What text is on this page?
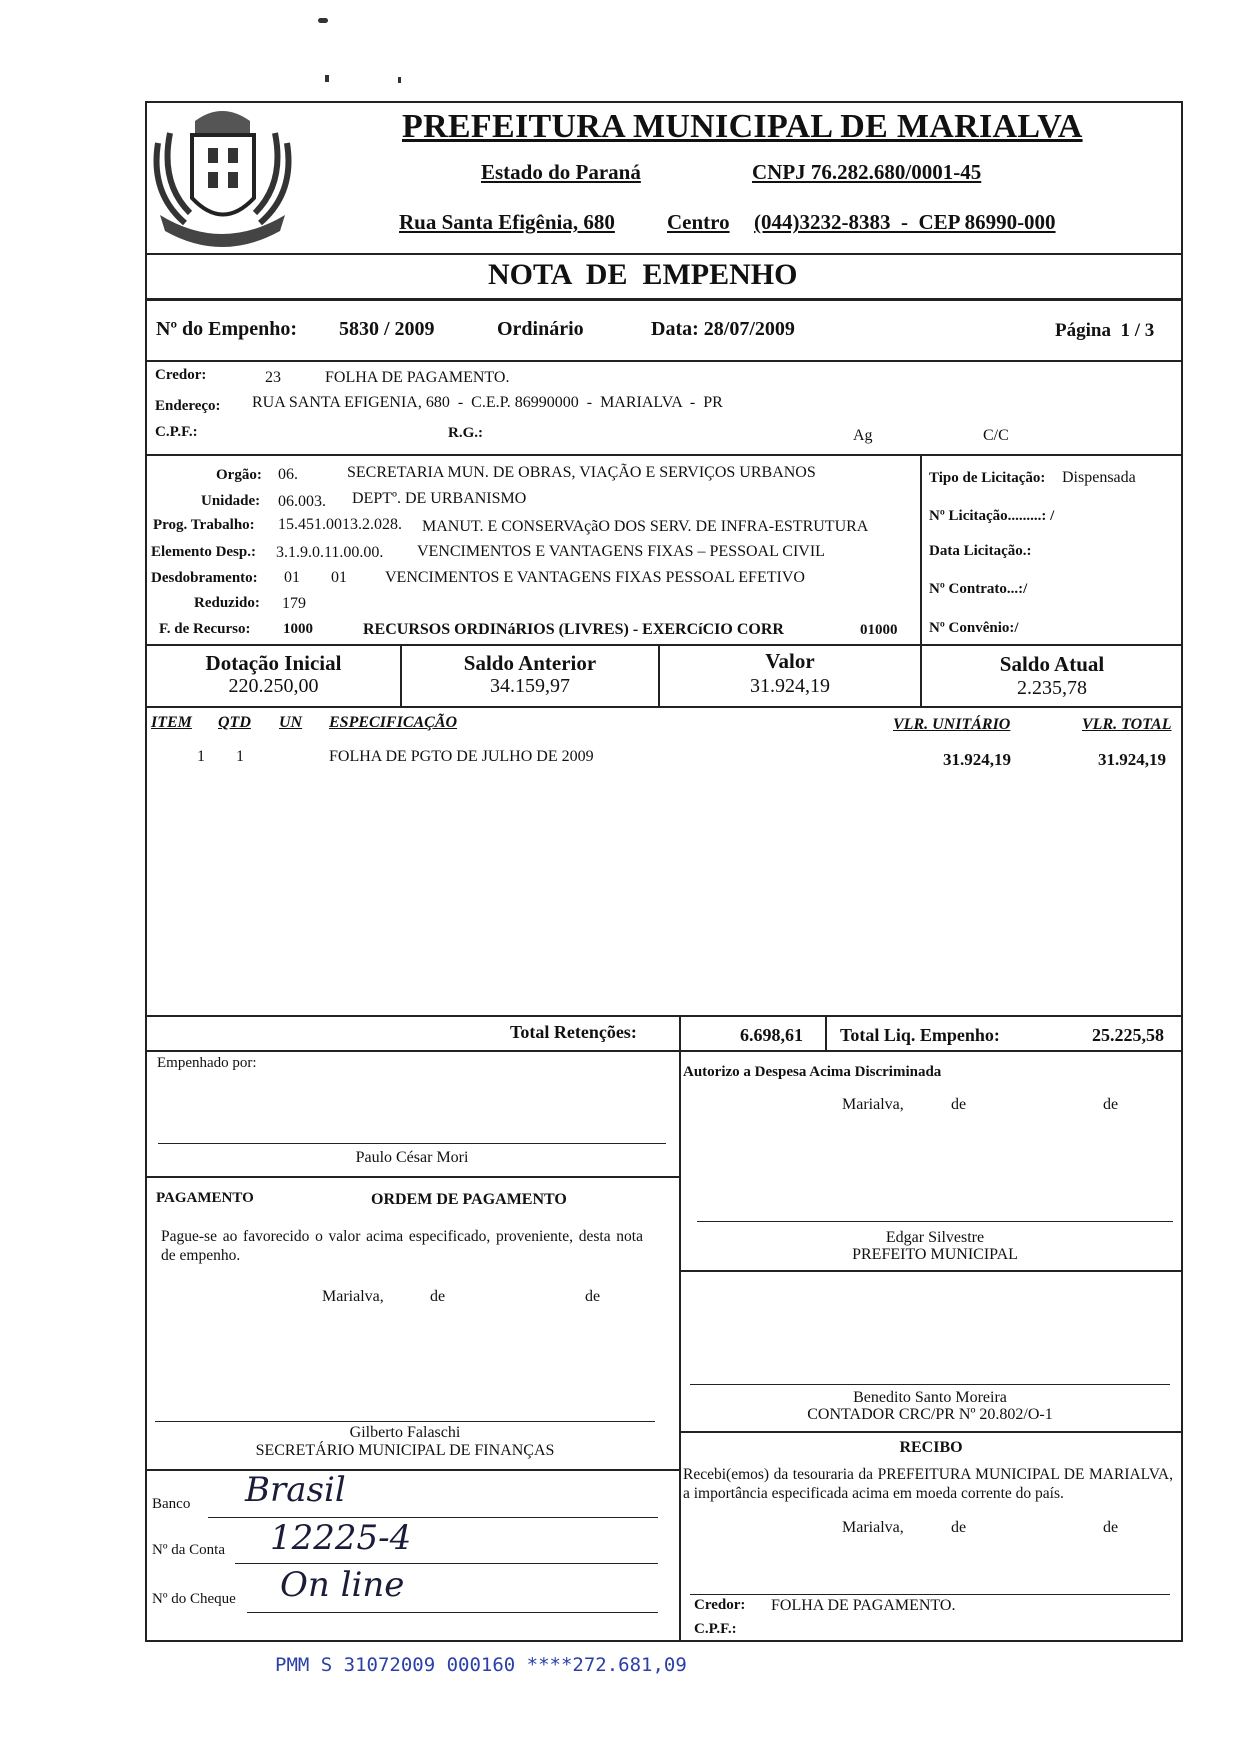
PREFEITURA MUNICIPAL DE MARIALVA
Estado do Paraná	CNPJ 76.282.680/0001-45
Rua Santa Efigênia, 680 Centro (044)3232-8383  -  CEP 86990-000
NOTA  DE  EMPENHO
Nº do Empenho: 5830 / 2009	Ordinário	Data: 28/07/2009	Página  1 / 3
Credor:	23	FOLHA DE PAGAMENTO.
Endereço: RUA SANTA EFIGENIA, 680  -  C.E.P. 86990000  -  MARIALVA  -  PR
C.P.F.:	R.G.:	Ag	C/C
Orgão: 06.	SECRETARIA MUN. DE OBRAS, VIAÇÃO E SERVIÇOS URBANOS
Unidade: 06.003. DEPTº. DE URBANISMO
Prog. Trabalho: 15.451.0013.2.028. MANUT. E CONSERVAçãO DOS SERV. DE INFRA-ESTRUTURA
Elemento Desp.: 3.1.9.0.11.00.00. VENCIMENTOS E VANTAGENS FIXAS – PESSOAL CIVIL
Desdobramento: 01 01 VENCIMENTOS E VANTAGENS FIXAS PESSOAL EFETIVO
Reduzido: 179
F. de Recurso: 1000	RECURSOS ORDINáRIOS (LIVRES) - EXERCíCIO CORR	01000
Tipo de Licitação: Dispensada
Nº Licitação.........: /
Data Licitação.:
Nº Contrato...:/
Nº Convênio:/
Dotação Inicial
220.250,00
Saldo Anterior
34.159,97
Valor
31.924,19
Saldo Atual
2.235,78
ITEM QTD UN ESPECIFICAÇÃO	VLR. UNITÁRIO	VLR. TOTAL
1 1	FOLHA DE PGTO DE JULHO DE 2009	31.924,19	31.924,19
Total Retenções:	6.698,61 Total Liq. Empenho:	25.225,58
Empenhado por:
Paulo César Mori
Autorizo a Despesa Acima Discriminada
Marialva,	de	de
Edgar Silvestre
PREFEITO MUNICIPAL
PAGAMENTO	ORDEM DE PAGAMENTO
Pague-se ao favorecido o valor acima especificado, proveniente, desta nota de empenho.
Marialva,	de	de
Gilberto Falaschi
SECRETÁRIO MUNICIPAL DE FINANÇAS
Benedito Santo Moreira
CONTADOR CRC/PR Nº 20.802/O-1
RECIBO
Recebi(emos) da tesouraria da PREFEITURA MUNICIPAL DE MARIALVA, a importância especificada acima em moeda corrente do país.
Marialva,	de	de
Credor: FOLHA DE PAGAMENTO.
C.P.F.:
Banco Brasil
Nº da Conta 12225-4
Nº do Cheque On line
PMM S 31072009 000160 ****272.681,09
